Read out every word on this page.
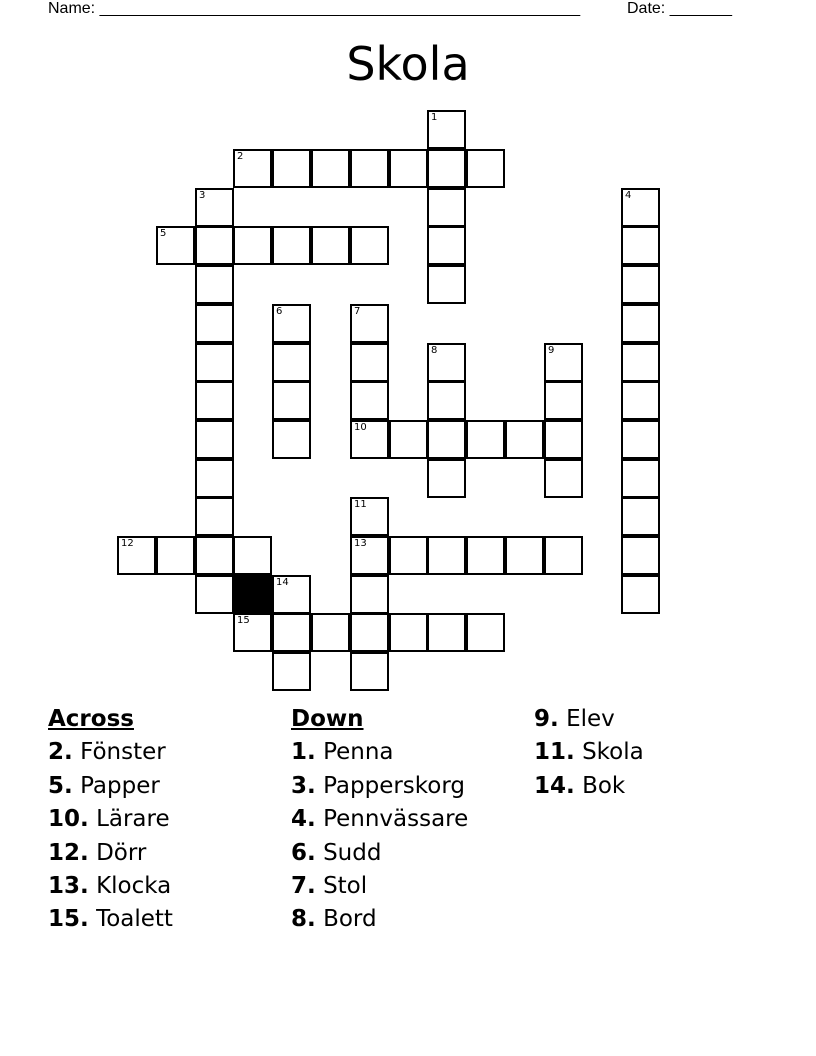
Name: ______________________________________________________	Date: _______
Skola
1
2
3	4
5
6	7
8	9
10
11
12	13
14
15
Across
2. Fönster
5. Papper
10. Lärare
12. Dörr
13. Klocka
15. Toalett
Down
1. Penna
3. Papperskorg
4. Pennvässare
6. Sudd
7. Stol
8. Bord
9. Elev
11. Skola
14. Bok
